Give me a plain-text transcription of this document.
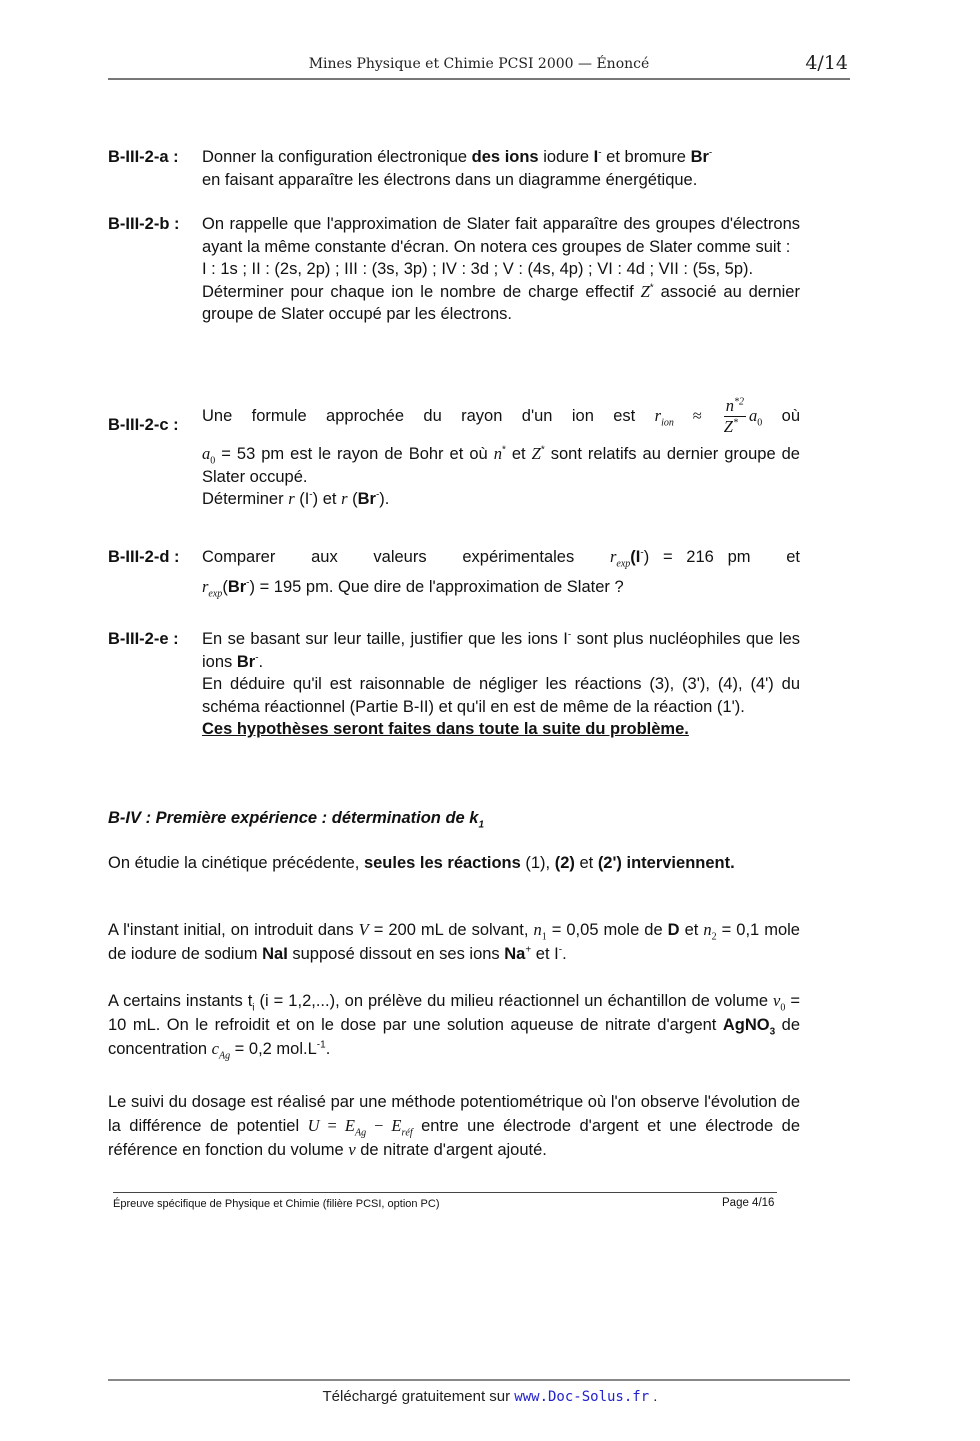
Mines Physique et Chimie PCSI 2000 — Énoncé	4/14
B-III-2-a : Donner la configuration électronique des ions iodure I- et bromure Br-

en faisant apparaître les électrons dans un diagramme énergétique.

B-III-2-b : On rappelle que l'approximation de Slater fait apparaître des groupes d'électrons ayant la même constante d'écran. On notera ces groupes de Slater comme suit :

I : 1s ; II : (2s, 2p) ; III : (3s, 3p) ; IV : 3d ; V : (4s, 4p) ; VI : 4d ; VII : (5s, 5p).

Déterminer pour chaque ion le nombre de charge effectif Z* associé au dernier groupe de Slater occupé par les électrons.

B-III-2-c :

Une formule approchée du rayon d'un ion est $r_{ion} \approx \frac{n^{*2}}{Z^*} a_0$ où

$a_0 = 53$ pm est le rayon de Bohr et où n* et Z* sont relatifs au dernier groupe de Slater occupé.

Déterminer r (I-) et r (Br-).

B-III-2-d : Comparer aux valeurs expérimentales $r_{exp}(I^-) = 216$ pm et

$r_{exp}(Br^-) = 195$ pm. Que dire de l'approximation de Slater ?

B-III-2-e : En se basant sur leur taille, justifier que les ions I- sont plus nucléophiles que les ions Br-.

En déduire qu'il est raisonnable de négliger les réactions (3), (3'), (4), (4') du schéma réactionnel (Partie B-II) et qu'il en est de même de la réaction (1').

Ces hypothèses seront faites dans toute la suite du problème.

B-IV : Première expérience : détermination de $k_1$

On étudie la cinétique précédente, seules les réactions (1), (2) et (2') interviennent.

A l'instant initial, on introduit dans V = 200 mL de solvant, $n_1 = 0,05$ mole de D et $n_2 = 0,1$ mole de iodure de sodium NaI supposé dissout en ses ions Na+ et I-.

A certains instants $t_i$ (i = 1,2,...), on prélève du milieu réactionnel un échantillon de volume $v_0 = 10$ mL. On le refroidit et on le dose par une solution aqueuse de nitrate d'argent AgNO$_3$ de concentration $c_{Ag} = 0,2$ $mol.L^{-1}$.

Le suivi du dosage est réalisé par une méthode potentiométrique où l'on observe l'évolution de la différence de potentiel $U = E_{Ag} - E_{réf}$ entre une électrode d'argent et une électrode de référence en fonction du volume v de nitrate d'argent ajouté.

Épreuve spécifique de Physique et Chimie (filière PCSI, option PC)	Page 4/16
Téléchargé gratuitement sur www.Doc-Solus.fr .
